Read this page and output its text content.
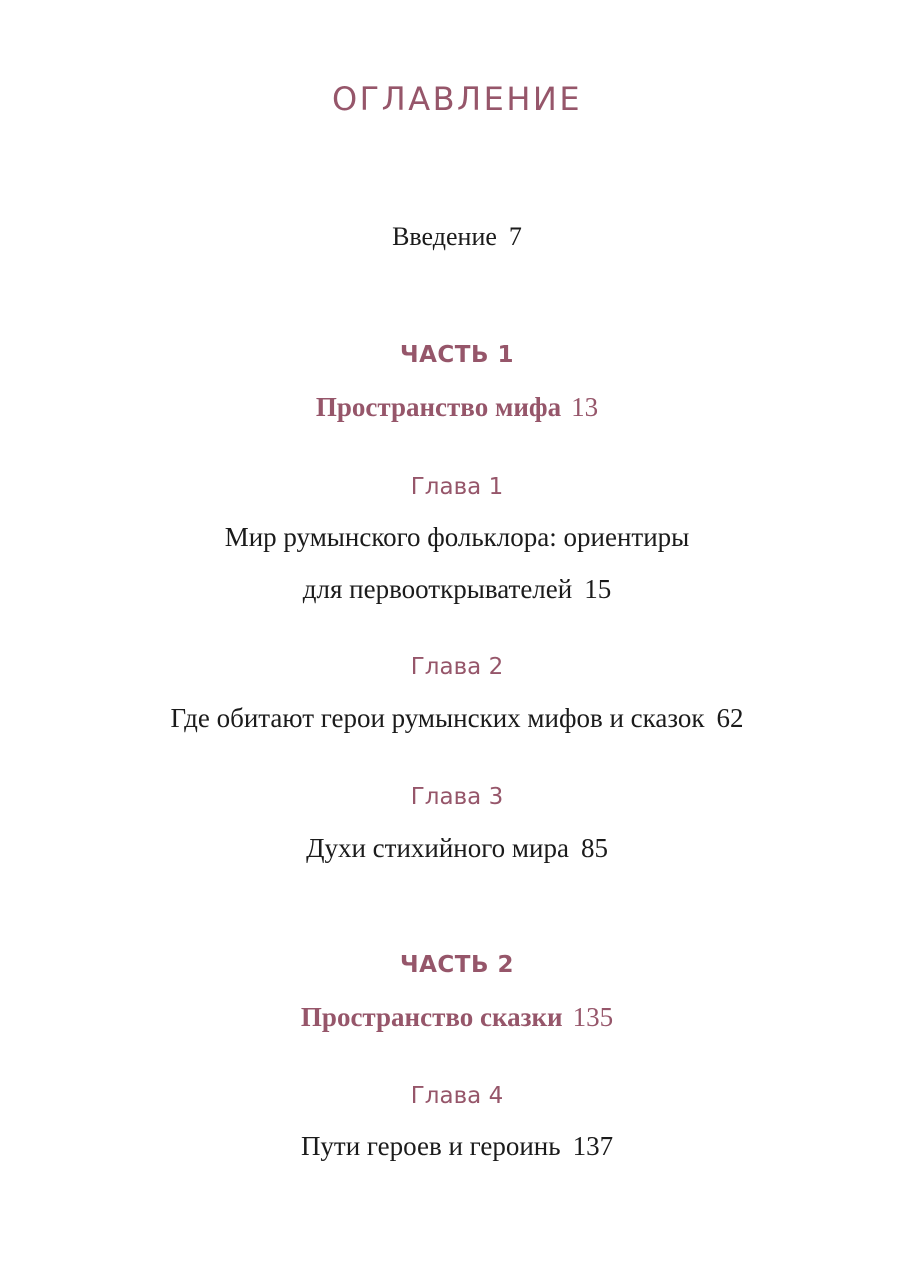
ОГЛАВЛЕНИЕ
Введение 7
ЧАСТЬ 1
Пространство мифа 13
Глава 1
Мир румынского фольклора: ориентиры
для первооткрывателей 15
Глава 2
Где обитают герои румынских мифов и сказок 62
Глава 3
Духи стихийного мира 85
ЧАСТЬ 2
Пространство сказки 135
Глава 4
Пути героев и героинь 137
